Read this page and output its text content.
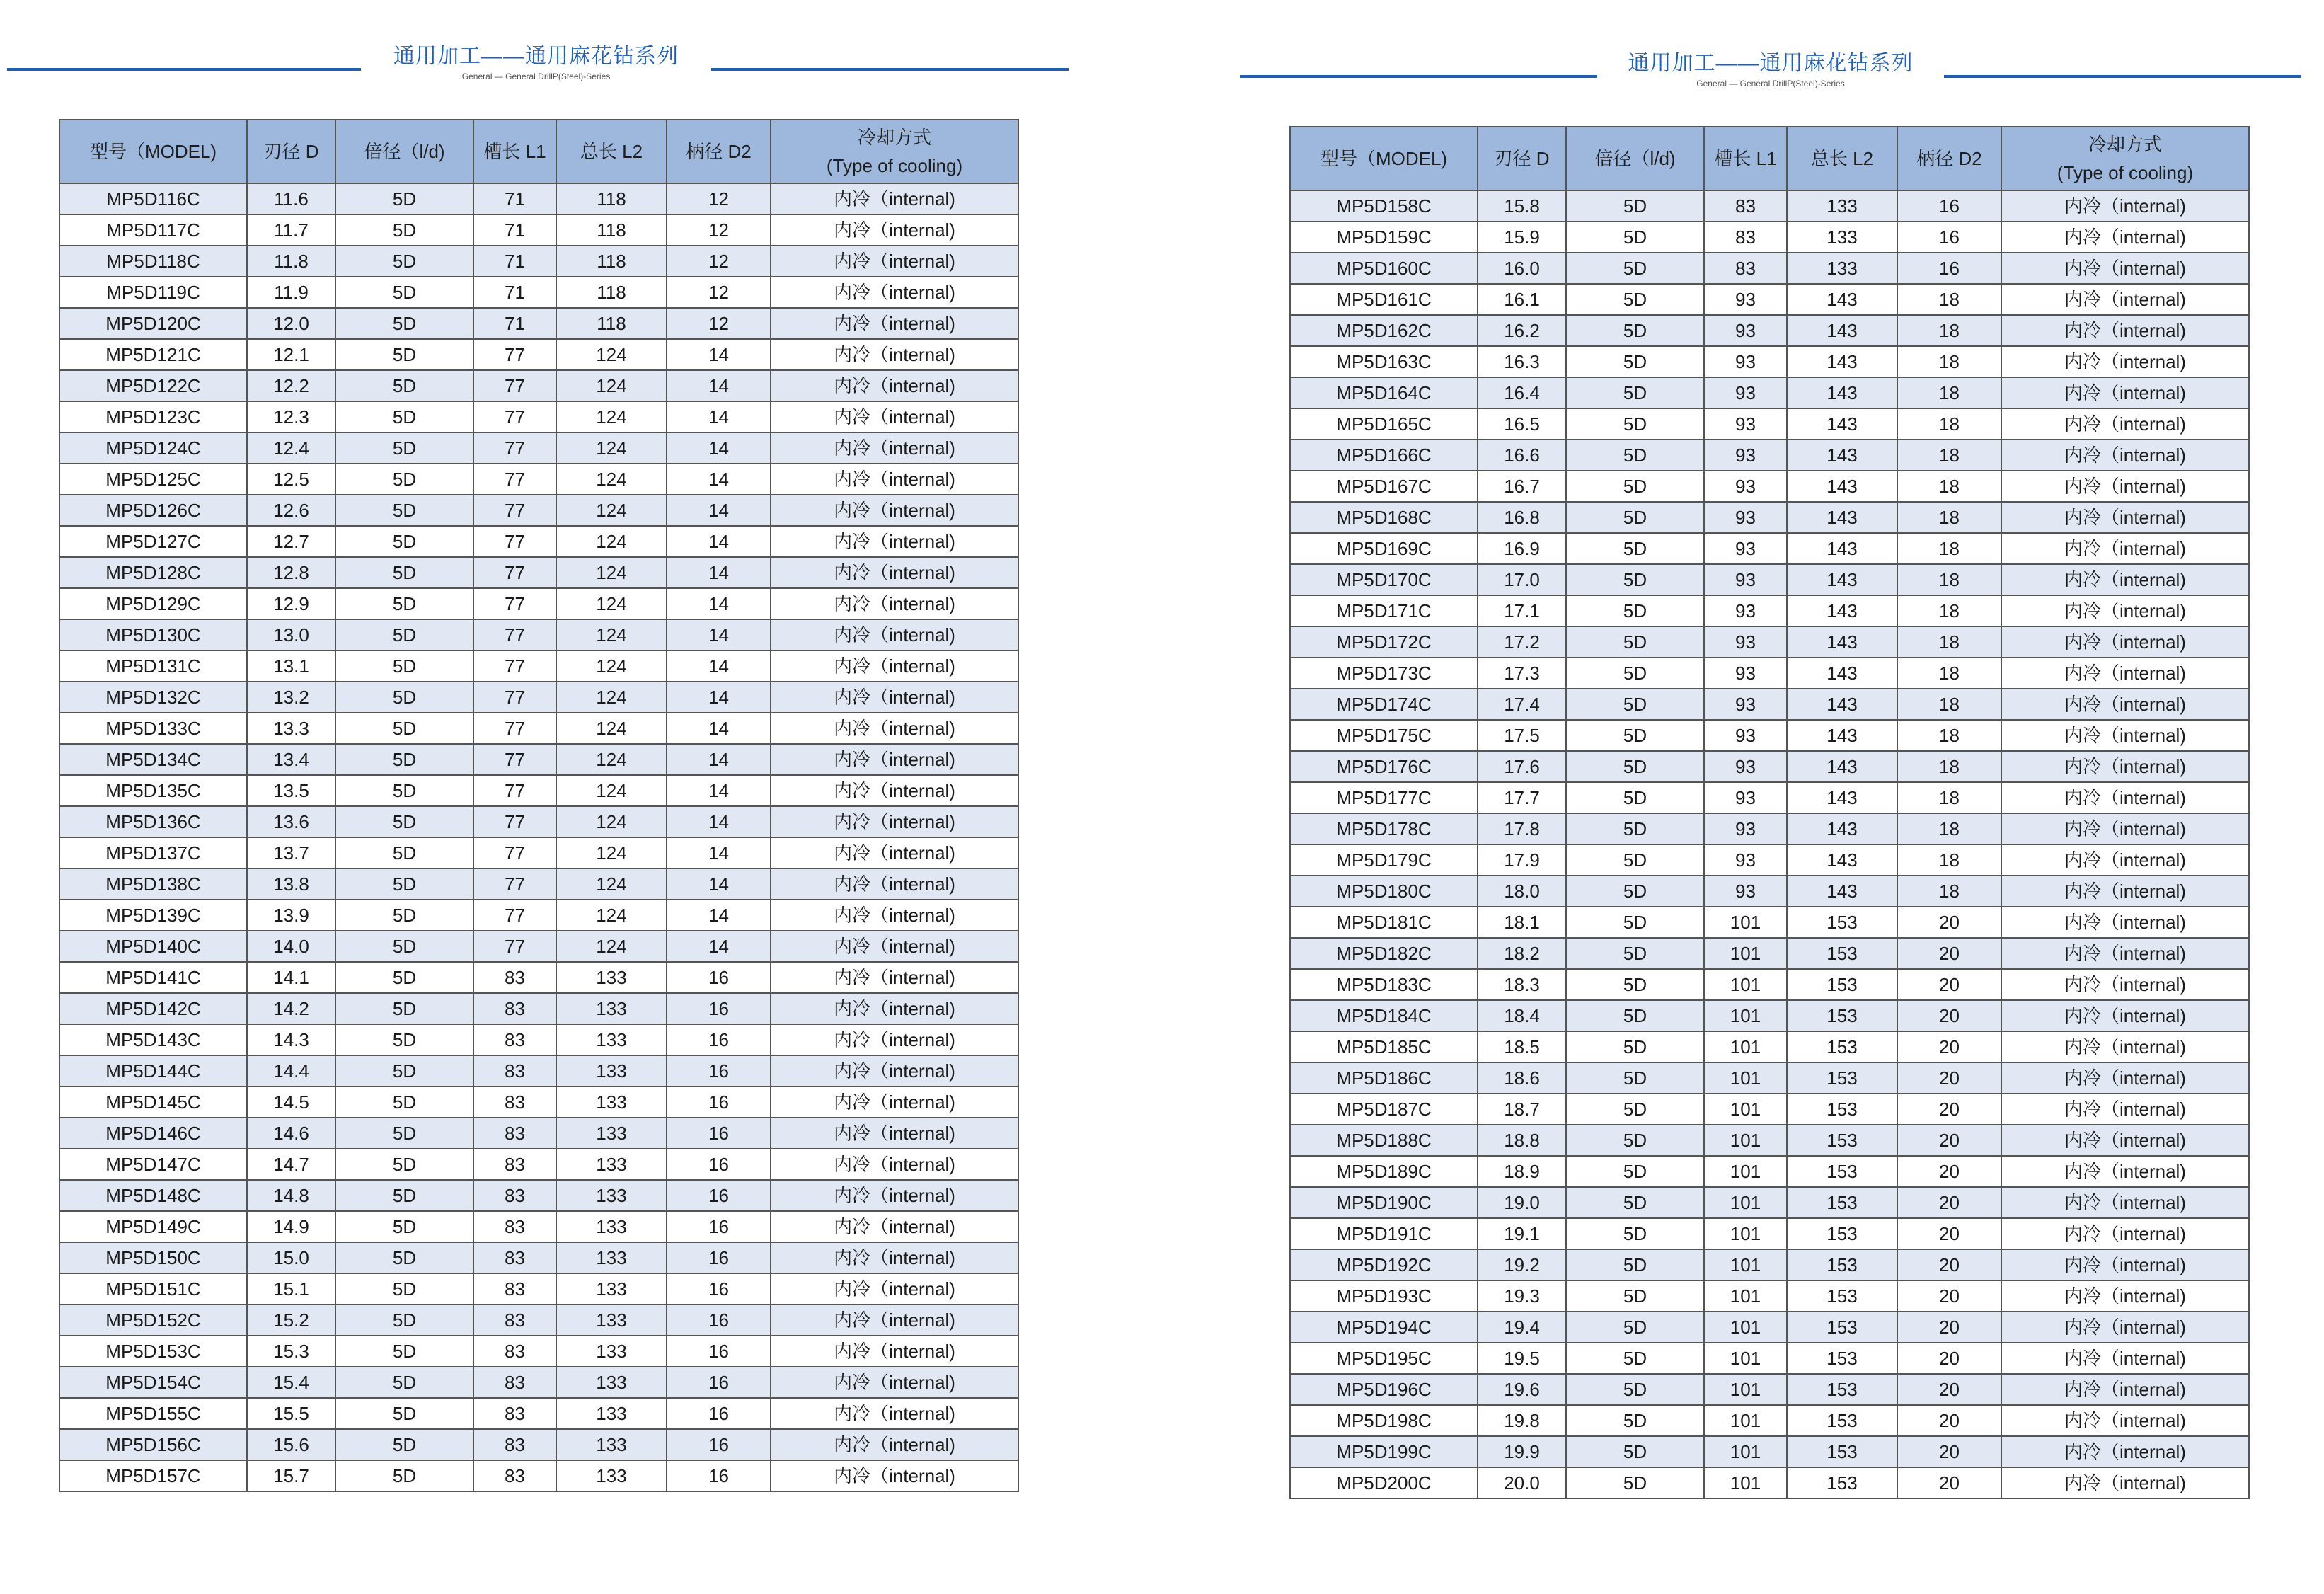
通用加工——通用麻花钻系列
General — General DrillP(Steel)-Series
型号（MODEL)	刃径 D	倍径（l/d)	槽长 L1	总长 L2	柄径 D2	冷却方式
(Type of cooling)

MP5D116C	11.6	5D	71	118	12	内冷（internal)
MP5D117C	11.7	5D	71	118	12	内冷（internal)
MP5D118C	11.8	5D	71	118	12	内冷（internal)
MP5D119C	11.9	5D	71	118	12	内冷（internal)
MP5D120C	12.0	5D	71	118	12	内冷（internal)
MP5D121C	12.1	5D	77	124	14	内冷（internal)
MP5D122C	12.2	5D	77	124	14	内冷（internal)
MP5D123C	12.3	5D	77	124	14	内冷（internal)
MP5D124C	12.4	5D	77	124	14	内冷（internal)
MP5D125C	12.5	5D	77	124	14	内冷（internal)
MP5D126C	12.6	5D	77	124	14	内冷（internal)
MP5D127C	12.7	5D	77	124	14	内冷（internal)
MP5D128C	12.8	5D	77	124	14	内冷（internal)
MP5D129C	12.9	5D	77	124	14	内冷（internal)
MP5D130C	13.0	5D	77	124	14	内冷（internal)
MP5D131C	13.1	5D	77	124	14	内冷（internal)
MP5D132C	13.2	5D	77	124	14	内冷（internal)
MP5D133C	13.3	5D	77	124	14	内冷（internal)
MP5D134C	13.4	5D	77	124	14	内冷（internal)
MP5D135C	13.5	5D	77	124	14	内冷（internal)
MP5D136C	13.6	5D	77	124	14	内冷（internal)
MP5D137C	13.7	5D	77	124	14	内冷（internal)
MP5D138C	13.8	5D	77	124	14	内冷（internal)
MP5D139C	13.9	5D	77	124	14	内冷（internal)
MP5D140C	14.0	5D	77	124	14	内冷（internal)
MP5D141C	14.1	5D	83	133	16	内冷（internal)
MP5D142C	14.2	5D	83	133	16	内冷（internal)
MP5D143C	14.3	5D	83	133	16	内冷（internal)
MP5D144C	14.4	5D	83	133	16	内冷（internal)
MP5D145C	14.5	5D	83	133	16	内冷（internal)
MP5D146C	14.6	5D	83	133	16	内冷（internal)
MP5D147C	14.7	5D	83	133	16	内冷（internal)
MP5D148C	14.8	5D	83	133	16	内冷（internal)
MP5D149C	14.9	5D	83	133	16	内冷（internal)
MP5D150C	15.0	5D	83	133	16	内冷（internal)
MP5D151C	15.1	5D	83	133	16	内冷（internal)
MP5D152C	15.2	5D	83	133	16	内冷（internal)
MP5D153C	15.3	5D	83	133	16	内冷（internal)
MP5D154C	15.4	5D	83	133	16	内冷（internal)
MP5D155C	15.5	5D	83	133	16	内冷（internal)
MP5D156C	15.6	5D	83	133	16	内冷（internal)
MP5D157C	15.7	5D	83	133	16	内冷（internal)
通用加工——通用麻花钻系列
General — General DrillP(Steel)-Series
型号（MODEL)	刃径 D	倍径（l/d)	槽长 L1	总长 L2	柄径 D2	冷却方式
(Type of cooling)

MP5D158C	15.8	5D	83	133	16	内冷（internal)
MP5D159C	15.9	5D	83	133	16	内冷（internal)
MP5D160C	16.0	5D	83	133	16	内冷（internal)
MP5D161C	16.1	5D	93	143	18	内冷（internal)
MP5D162C	16.2	5D	93	143	18	内冷（internal)
MP5D163C	16.3	5D	93	143	18	内冷（internal)
MP5D164C	16.4	5D	93	143	18	内冷（internal)
MP5D165C	16.5	5D	93	143	18	内冷（internal)
MP5D166C	16.6	5D	93	143	18	内冷（internal)
MP5D167C	16.7	5D	93	143	18	内冷（internal)
MP5D168C	16.8	5D	93	143	18	内冷（internal)
MP5D169C	16.9	5D	93	143	18	内冷（internal)
MP5D170C	17.0	5D	93	143	18	内冷（internal)
MP5D171C	17.1	5D	93	143	18	内冷（internal)
MP5D172C	17.2	5D	93	143	18	内冷（internal)
MP5D173C	17.3	5D	93	143	18	内冷（internal)
MP5D174C	17.4	5D	93	143	18	内冷（internal)
MP5D175C	17.5	5D	93	143	18	内冷（internal)
MP5D176C	17.6	5D	93	143	18	内冷（internal)
MP5D177C	17.7	5D	93	143	18	内冷（internal)
MP5D178C	17.8	5D	93	143	18	内冷（internal)
MP5D179C	17.9	5D	93	143	18	内冷（internal)
MP5D180C	18.0	5D	93	143	18	内冷（internal)
MP5D181C	18.1	5D	101	153	20	内冷（internal)
MP5D182C	18.2	5D	101	153	20	内冷（internal)
MP5D183C	18.3	5D	101	153	20	内冷（internal)
MP5D184C	18.4	5D	101	153	20	内冷（internal)
MP5D185C	18.5	5D	101	153	20	内冷（internal)
MP5D186C	18.6	5D	101	153	20	内冷（internal)
MP5D187C	18.7	5D	101	153	20	内冷（internal)
MP5D188C	18.8	5D	101	153	20	内冷（internal)
MP5D189C	18.9	5D	101	153	20	内冷（internal)
MP5D190C	19.0	5D	101	153	20	内冷（internal)
MP5D191C	19.1	5D	101	153	20	内冷（internal)
MP5D192C	19.2	5D	101	153	20	内冷（internal)
MP5D193C	19.3	5D	101	153	20	内冷（internal)
MP5D194C	19.4	5D	101	153	20	内冷（internal)
MP5D195C	19.5	5D	101	153	20	内冷（internal)
MP5D196C	19.6	5D	101	153	20	内冷（internal)
MP5D198C	19.8	5D	101	153	20	内冷（internal)
MP5D199C	19.9	5D	101	153	20	内冷（internal)
MP5D200C	20.0	5D	101	153	20	内冷（internal)
